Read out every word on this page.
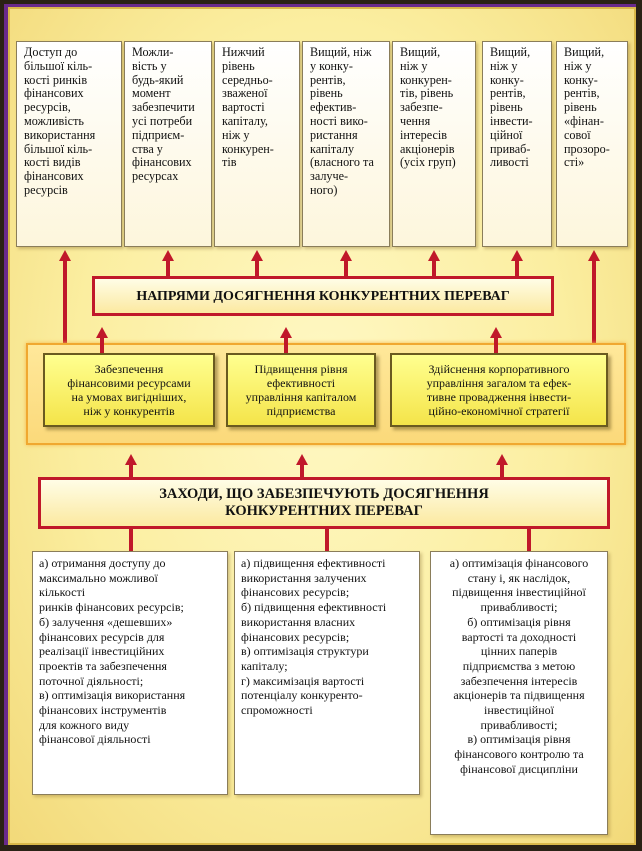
Доступ до
більшої кіль-
кості ринків
фінансових
ресурсів,
можливість
використання
більшої кіль-
кості видів
фінансових
ресурсів
Можли-
вість у
будь-який
момент
забезпечити
усі потреби
підприєм-
ства у
фінансових
ресурсах
Нижчий
рівень
середньо-
зваженої
вартості
капіталу,
ніж у
конкурен-
тів
Вищий, ніж
у конку-
рентів,
рівень
ефектив-
ності вико-
ристання
капіталу
(власного та
залуче-
ного)
Вищий,
ніж у
конкурен-
тів, рівень
забезпе-
чення
інтересів
акціонерів
(усіх груп)
Вищий,
ніж у
конку-
рентів,
рівень
інвести-
ційної
приваб-
ливості
Вищий,
ніж у
конку-
рентів,
рівень
«фінан-
сової
прозоро-
сті»
НАПРЯМИ ДОСЯГНЕННЯ КОНКУРЕНТНИХ ПЕРЕВАГ
Забезпечення
фінансовими ресурсами
на умовах вигідніших,
ніж у конкурентів
Підвищення рівня
ефективності
управління капіталом
підприємства
Здійснення корпоративного
управління загалом та ефек-
тивне провадження інвести-
ційно-економічної стратегії
ЗАХОДИ, ЩО ЗАБЕЗПЕЧУЮТЬ ДОСЯГНЕННЯ
КОНКУРЕНТНИХ ПЕРЕВАГ
а) отримання доступу до
максимально можливої
кількості
ринків фінансових ресурсів;
б) залучення «дешевших»
фінансових ресурсів для
реалізації інвестиційних
проектів та забезпечення
поточної діяльності;
в) оптимізація використання
фінансових інструментів
для кожного виду
фінансової діяльності
а) підвищення ефективності
використання залучених
фінансових ресурсів;
б) підвищення ефективності
використання власних
фінансових ресурсів;
в) оптимізація структури
капіталу;
г) максимізація вартості
потенціалу конкуренто-
спроможності
а) оптимізація фінансового
стану і, як наслідок,
підвищення інвестиційної
привабливості;
б) оптимізація рівня
вартості та доходності
цінних паперів
підприємства з метою
забезпечення інтересів
акціонерів та підвищення
інвестиційної
привабливості;
в) оптимізація рівня
фінансового контролю та
фінансової дисципліни
